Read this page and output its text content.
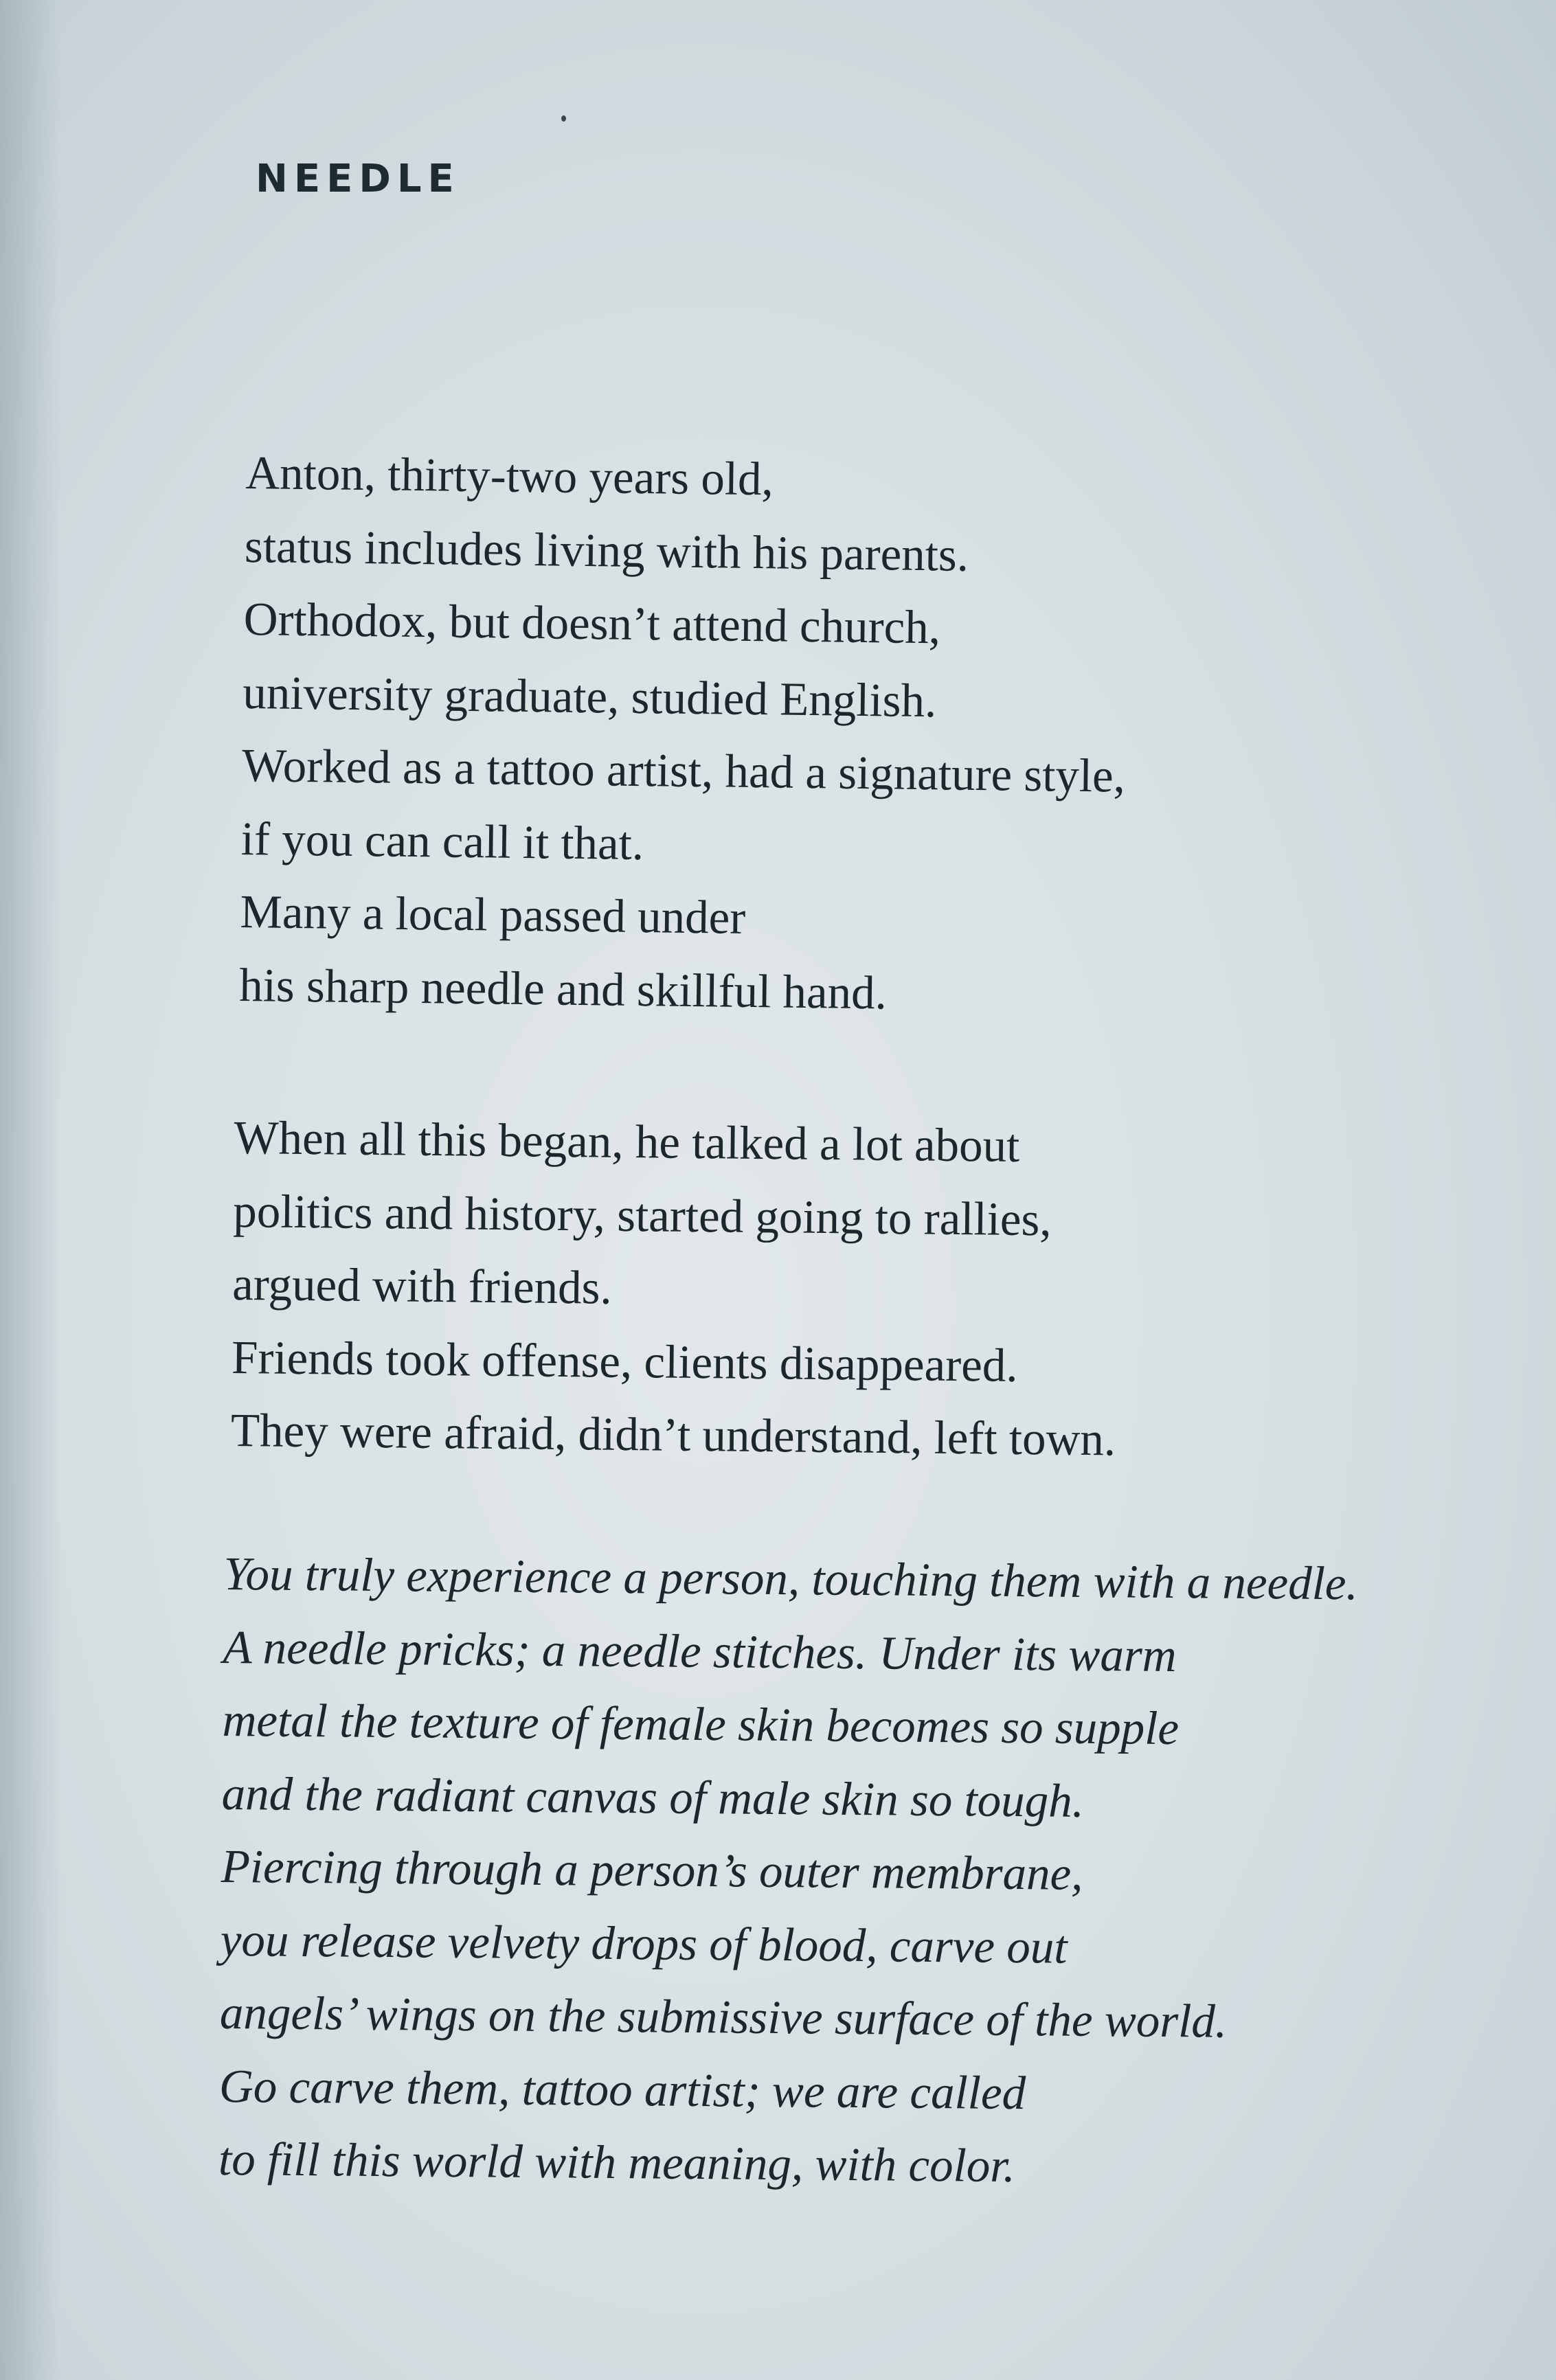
NEEDLE
Anton, thirty-two years old,
status includes living with his parents.
Orthodox, but doesn’t attend church,
university graduate, studied English.
Worked as a tattoo artist, had a signature style,
if you can call it that.
Many a local passed under
his sharp needle and skillful hand.
When all this began, he talked a lot about
politics and history, started going to rallies,
argued with friends.
Friends took offense, clients disappeared.
They were afraid, didn’t understand, left town.
You truly experience a person, touching them with a needle.
A needle pricks; a needle stitches. Under its warm
metal the texture of female skin becomes so supple
and the radiant canvas of male skin so tough.
Piercing through a person’s outer membrane,
you release velvety drops of blood, carve out
angels’ wings on the submissive surface of the world.
Go carve them, tattoo artist; we are called
to fill this world with meaning, with color.
